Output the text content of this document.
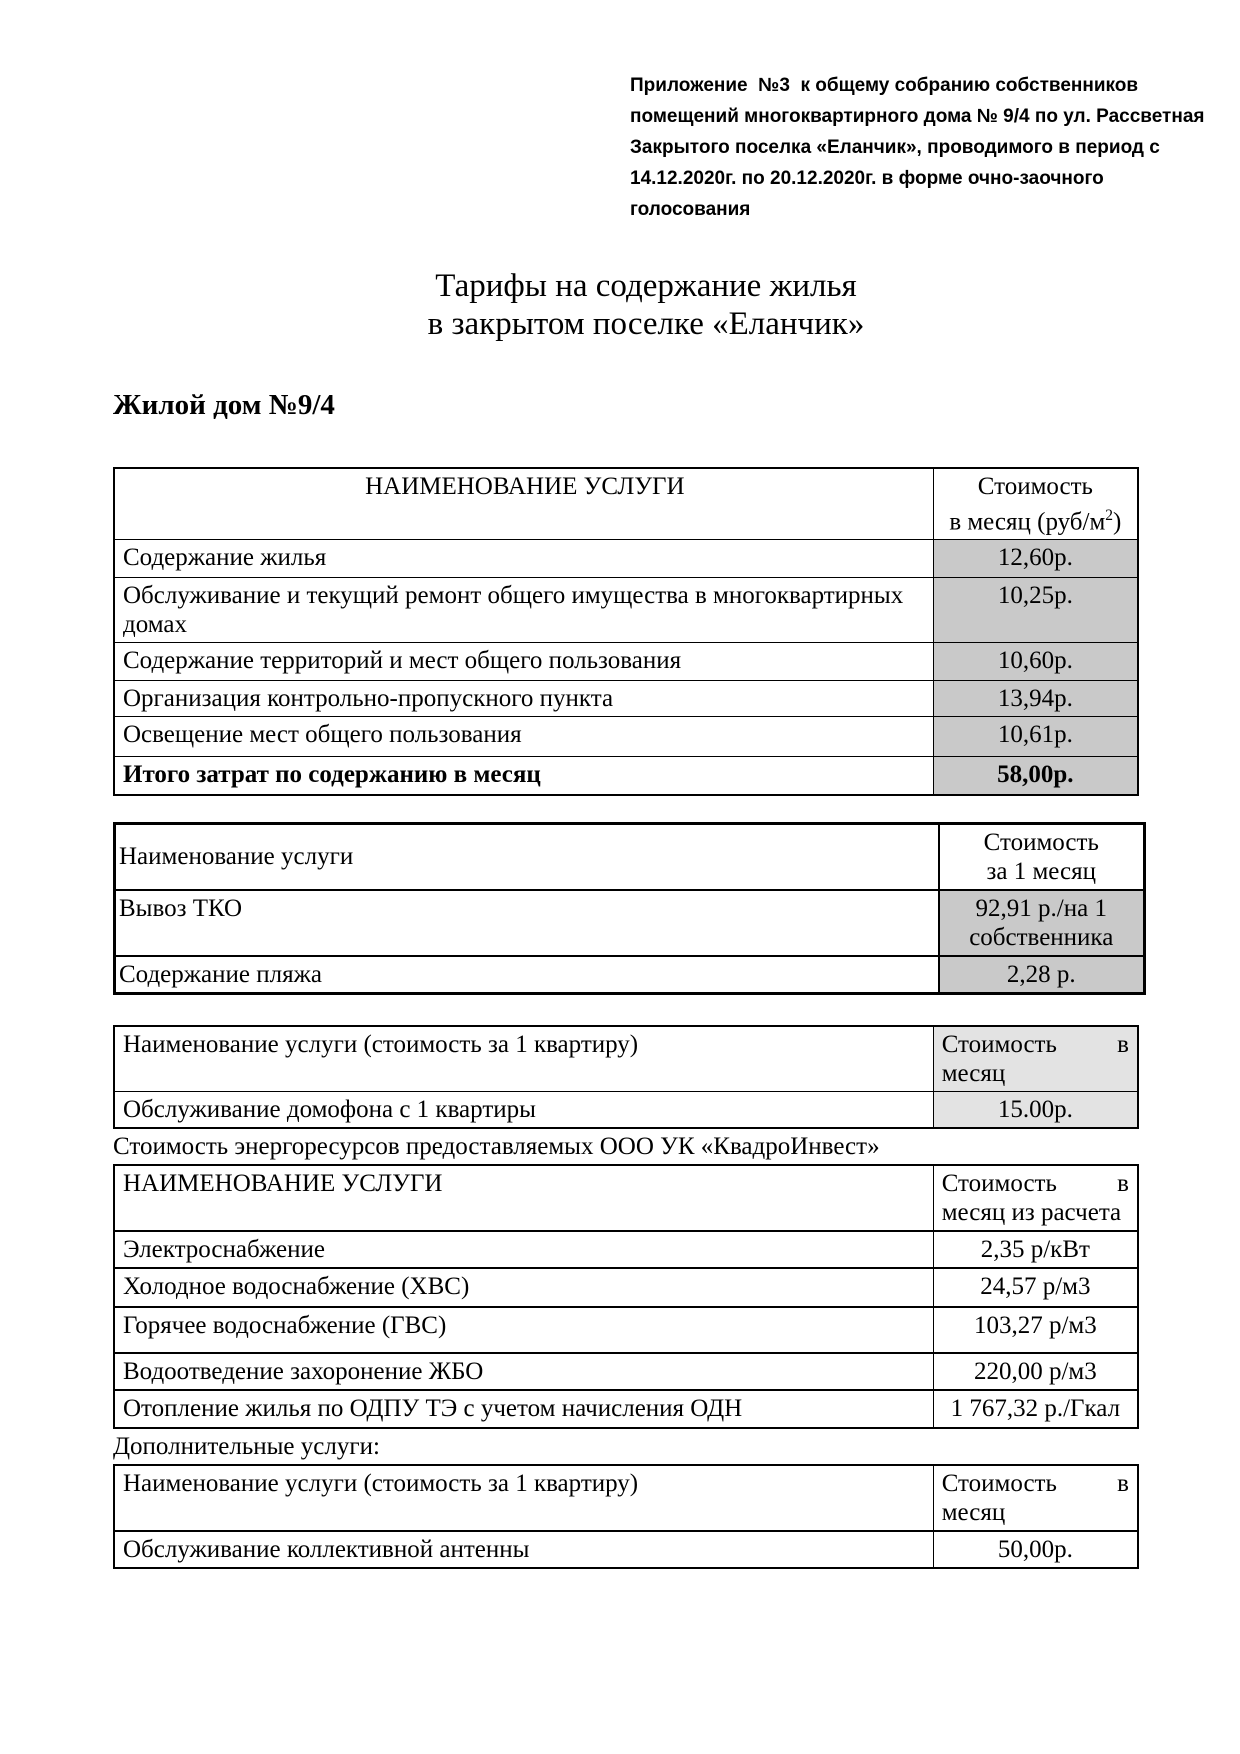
Приложение  №3  к общему собранию собственников
помещений многоквартирного дома № 9/4 по ул. Рассветная
Закрытого поселка «Еланчик», проводимого в период с
14.12.2020г. по 20.12.2020г. в форме очно-заочного
голосования
Тарифы на содержание жилья
в закрытом поселке «Еланчик»
Жилой дом №9/4
НАИМЕНОВАНИЕ УСЛУГИ	Стоимость
в месяц $(руб/м^2)$

Содержание жилья	12,60р.
Обслуживание и текущий ремонт общего имущества в многоквартирных домах	10,25р.
Содержание территорий и мест общего пользования	10,60р.
Организация контрольно-пропускного пункта	13,94р.
Освещение мест общего пользования	10,61р.
Итого затрат по содержанию в месяц	58,00р.
Наименование услуги	Стоимость
за 1 месяц

Вывоз ТКО	92,91 р./на 1 собственника
Содержание пляжа	2,28 р.
Наименование услуги (стоимость за 1 квартиру)	Стоимость в месяц
Обслуживание домофона с 1 квартиры	15.00р.
Стоимость энергоресурсов предоставляемых ООО УК «КвадроИнвест»
НАИМЕНОВАНИЕ УСЛУГИ	Стоимость в месяц из расчета
Электроснабжение	2,35 р/кВт
Холодное водоснабжение (ХВС)	24,57 р/м3
Горячее водоснабжение (ГВС)	103,27 р/м3
Водоотведение захоронение ЖБО	220,00 р/м3
Отопление жилья по ОДПУ ТЭ с учетом начисления ОДН	1 767,32 р./Гкал
Дополнительные услуги:
Наименование услуги (стоимость за 1 квартиру)	Стоимость в месяц
Обслуживание коллективной антенны	50,00р.
